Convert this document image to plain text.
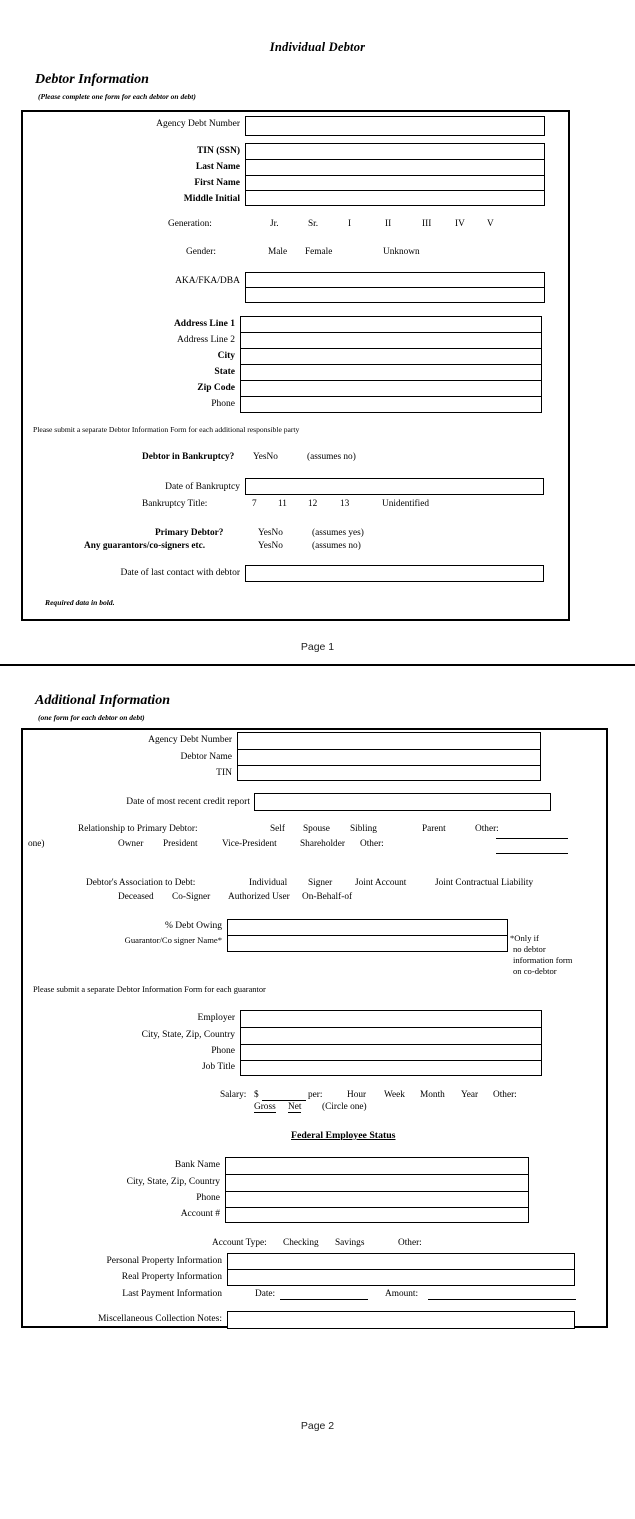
Individual Debtor
Debtor Information
(Please complete one form for each debtor on debt)
Agency Debt Number
TIN (SSN)
Last Name
First Name
Middle Initial
Generation:	Jr.	Sr.	I	II	III	IV V
Gender:	Male Female	Unknown
AKA/FKA/DBA
Address Line 1
Address Line 2
City
State
Zip Code
Phone
Please submit a separate Debtor Information Form for each additional responsible party
Debtor in Bankruptcy? YesNo	(assumes no)
Date of Bankruptcy
Bankruptcy Title:	7 11 12 13	Unidentified
Primary Debtor?	YesNo	(assumes yes)
Any guarantors/co-signers etc.	YesNo	(assumes no)
Date of last contact with debtor
Required data in bold.
Page 1
Additional Information
(one form for each debtor on debt)
Agency Debt Number
Debtor Name
TIN
Date of most recent credit report
Relationship to Primary Debtor:	Self Spouse Sibling	Parent	Other:
one)	Owner President	Vice-President	Shareholder Other:
Debtor's Association to Debt:	Individual Signer Joint Account	Joint Contractual Liability
Deceased Co-Signer Authorized User On-Behalf-of
% Debt Owing
Guarantor/Co signer Name*	*Only if
no debtor
information form
on co-debtor
Please submit a separate Debtor Information Form for each guarantor
Employer
City, State, Zip, Country
Phone
Job Title
Salary: $	per:	Hour Week Month Year Other:
Gross Net (Circle one)
Federal Employee Status
Bank Name
City, State, Zip, Country
Phone
Account #
Account Type: Checking Savings	Other:
Personal Property Information
Real Property Information
Last Payment Information	Date:	Amount:
Miscellaneous Collection Notes:
Page 2
